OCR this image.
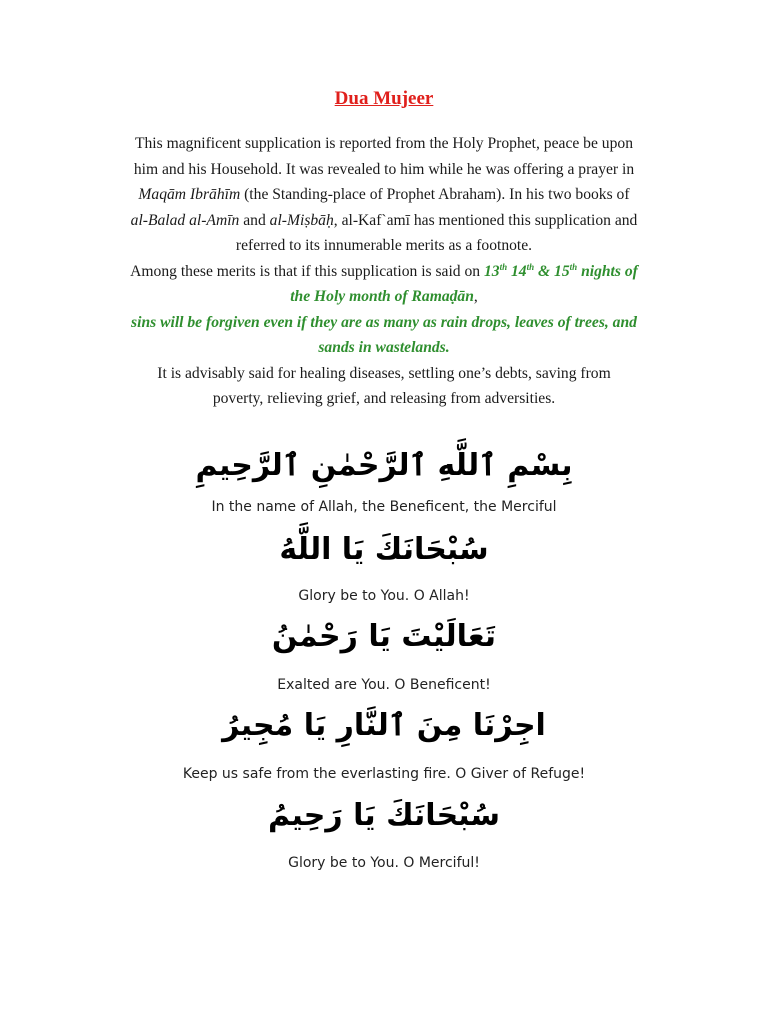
Dua Mujeer
This magnificent supplication is reported from the Holy Prophet, peace be upon
him and his Household. It was revealed to him while he was offering a prayer in
Maqām Ibrāhīm (the Standing-place of Prophet Abraham). In his two books of
al-Balad al-Amīn and al-Miṣbāḥ, al-Kaf`amī has mentioned this supplication and
referred to its innumerable merits as a footnote.
Among these merits is that if this supplication is said on 13th 14th & 15th nights of
the Holy month of Ramaḍān,
sins will be forgiven even if they are as many as rain drops, leaves of trees, and
sands in wastelands.
It is advisably said for healing diseases, settling one’s debts, saving from
poverty, relieving grief, and releasing from adversities.
بِسْمِ ٱللَّهِ ٱلرَّحْمٰنِ ٱلرَّحِيمِ
In the name of Allah, the Beneficent, the Merciful
سُبْحَانَكَ يَا اللَّهُ
Glory be to You. O Allah!
تَعَالَيْتَ يَا رَحْمٰنُ
Exalted are You. O Beneficent!
اجِرْنَا مِنَ ٱلنَّارِ يَا مُجِيرُ
Keep us safe from the everlasting fire. O Giver of Refuge!
سُبْحَانَكَ يَا رَحِيمُ
Glory be to You. O Merciful!
